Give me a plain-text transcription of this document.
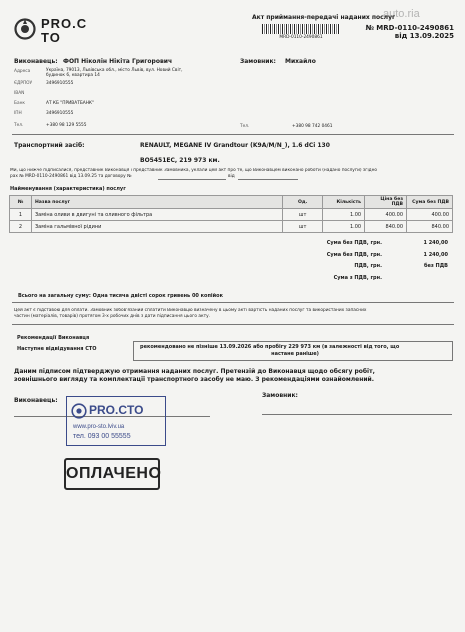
PRO.CTO
auto.ria
Акт приймання-передачі наданих послуг
№ MRD-0110-2490861
від 13.09.2025
MRD-0110-2490861
Виконавець: ФОП Ніколін Нікіта Григорович	Замовник: Михайло
Адреса	Україна, 79013, Львівська обл., місто Львів, вул. Новий Світ,
будинок 6, квартира 14
ЄДРПОУ	3496910555
IBAN
Банк	АТ КБ "ПРИВАТБАНК"
ІПН	3496910555
Тел.	+380 98 129 5555	Тел.	+380 98 742 0461
Транспортний засіб:	RENAULT, MEGANE IV Grandtour (K9A/M/N_), 1.6 dCi 130
BO5451EC, 219 973 км.
Ми, що нижче підписалися, представник Виконавця і представник Замовника, уклали цей акт про те, що Виконавцем виконано роботи (надано послуги) згідно
рах № MRD-0110-2490861 від 13.09.25 та договору №	від
Найменування (характеристика) послуг
№	Назва послуг	Од.	Кількість	Ціна без ПДВ	Сума без ПДВ
1	Заміна оливи в двигуні та оливного фільтра	шт	1.00	400.00	400.00
2	Заміна гальмівної рідини	шт	1.00	840.00	840.00
Сума без ПДВ, грн.	1 240,00
Сума без ПДВ, грн.	1 240,00
ПДВ, грн.	без ПДВ
Сума з ПДВ, грн.
Всього на загальну суму: Одна тисяча двісті сорок гривень 00 копійок
Цей акт є підставою для оплати. Замовник зобов'язаний сплатити Виконавцю визначену в цьому акті вартість наданих послуг та використаних запасних
частин (матеріалів, товарів) протягом 3-х робочих днів з дати підписання цього акту.
Рекомендації Виконавця
Наступне відвідування СТО	рекомендовано не пізніше 13.09.2026 або пробігу 229 973 км (в залежності від того, що
настане раніше)
Даним підписом підтверджую отримання наданих послуг. Претензій до Виконавця щодо обсягу робіт,
зовнішнього вигляду та комплектації транспортного засобу не маю. З рекомендаціями ознайомлений.
Виконавець:
Замовник:
PRO.CTO
www.pro-sto.lviv.ua
тел. 093 00 55555
ОПЛАЧЕНО
